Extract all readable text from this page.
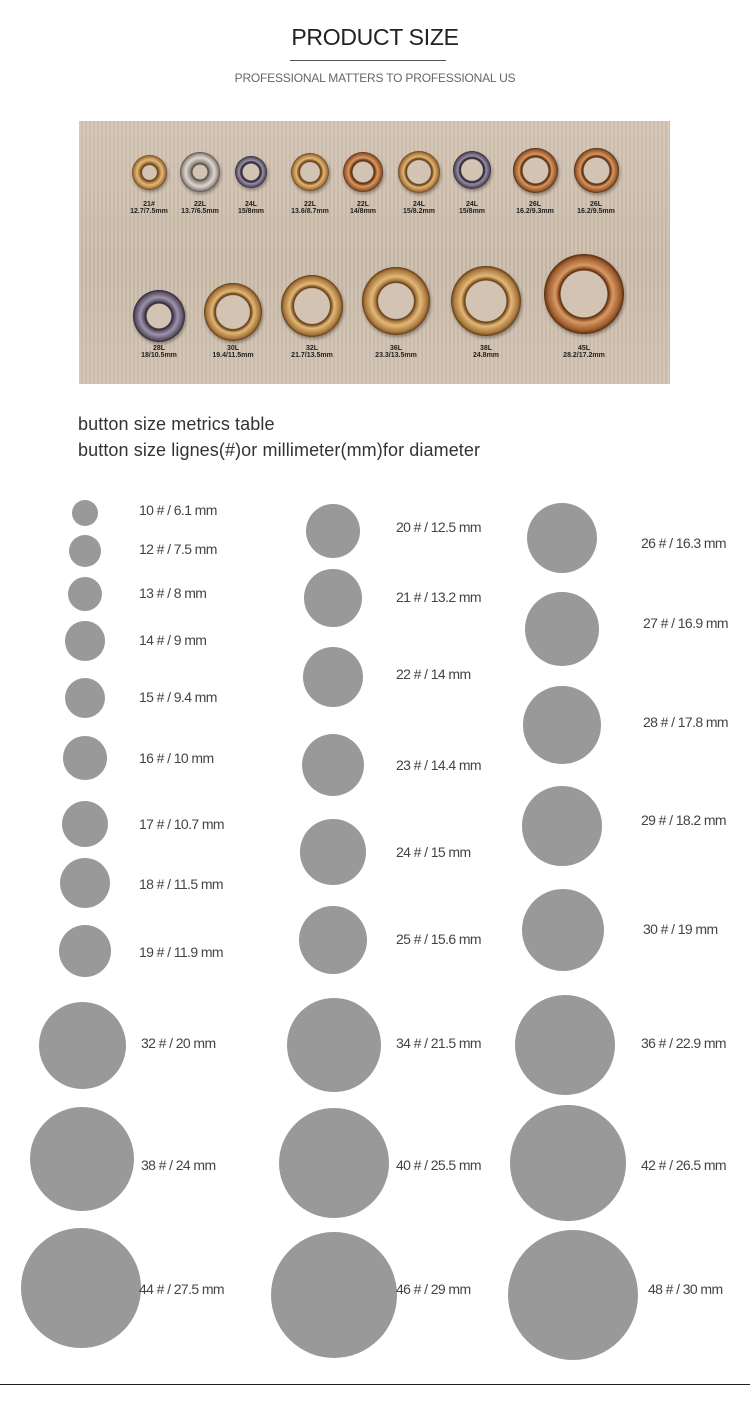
PRODUCT SIZE
PROFESSIONAL MATTERS TO PROFESSIONAL US
21#
12.7/7.5mm
22L
13.7/6.5mm
24L
15/8mm
22L
13.6/8.7mm
22L
14/8mm
24L
15/8.2mm
24L
15/8mm
26L
16.2/9.3mm
26L
16.2/9.5mm
28L
18/10.5mm
30L
19.4/11.5mm
32L
21.7/13.5mm
36L
23.3/13.5mm
38L
24.8mm
45L
28.2/17.2mm
button size metrics table
button size lignes(#)or millimeter(mm)for diameter
10 # / 6.1 mm
12 # / 7.5 mm
13 # / 8 mm
14 # / 9 mm
15 # / 9.4 mm
16 # / 10 mm
17 # / 10.7 mm
18 # / 11.5 mm
19 # / 11.9 mm
20 # / 12.5 mm
21 # / 13.2 mm
22 # / 14 mm
23 # / 14.4 mm
24 # / 15 mm
25 # / 15.6 mm
26 # / 16.3 mm
27 # / 16.9 mm
28 # / 17.8 mm
29 # / 18.2 mm
30 # / 19 mm
32 # / 20 mm	34 # / 21.5 mm	36 # / 22.9 mm
38 # / 24 mm	40 # / 25.5 mm	42 # / 26.5 mm
44 # / 27.5 mm	46 # / 29 mm	48 # / 30 mm
